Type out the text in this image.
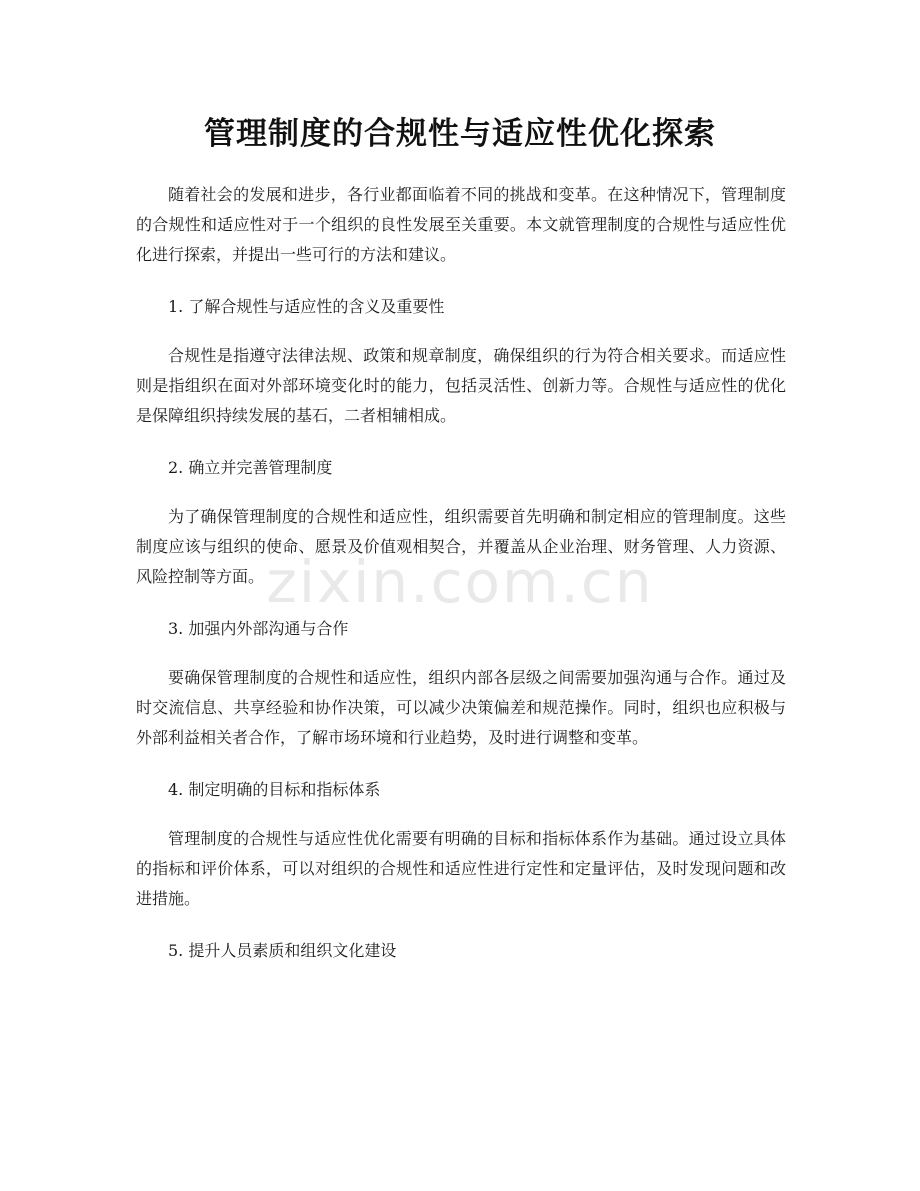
zixin.com.cn
管理制度的合规性与适应性优化探索

随着社会的发展和进步，各行业都面临着不同的挑战和变革。在这种情况下，管理制度的合规性和适应性对于一个组织的良性发展至关重要。本文就管理制度的合规性与适应性优化进行探索，并提出一些可行的方法和建议。

1. 了解合规性与适应性的含义及重要性

合规性是指遵守法律法规、政策和规章制度，确保组织的行为符合相关要求。而适应性则是指组织在面对外部环境变化时的能力，包括灵活性、创新力等。合规性与适应性的优化是保障组织持续发展的基石，二者相辅相成。

2. 确立并完善管理制度

为了确保管理制度的合规性和适应性，组织需要首先明确和制定相应的管理制度。这些制度应该与组织的使命、愿景及价值观相契合，并覆盖从企业治理、财务管理、人力资源、风险控制等方面。

3. 加强内外部沟通与合作

要确保管理制度的合规性和适应性，组织内部各层级之间需要加强沟通与合作。通过及时交流信息、共享经验和协作决策，可以减少决策偏差和规范操作。同时，组织也应积极与外部利益相关者合作，了解市场环境和行业趋势，及时进行调整和变革。

4. 制定明确的目标和指标体系

管理制度的合规性与适应性优化需要有明确的目标和指标体系作为基础。通过设立具体的指标和评价体系，可以对组织的合规性和适应性进行定性和定量评估，及时发现问题和改进措施。

5. 提升人员素质和组织文化建设
